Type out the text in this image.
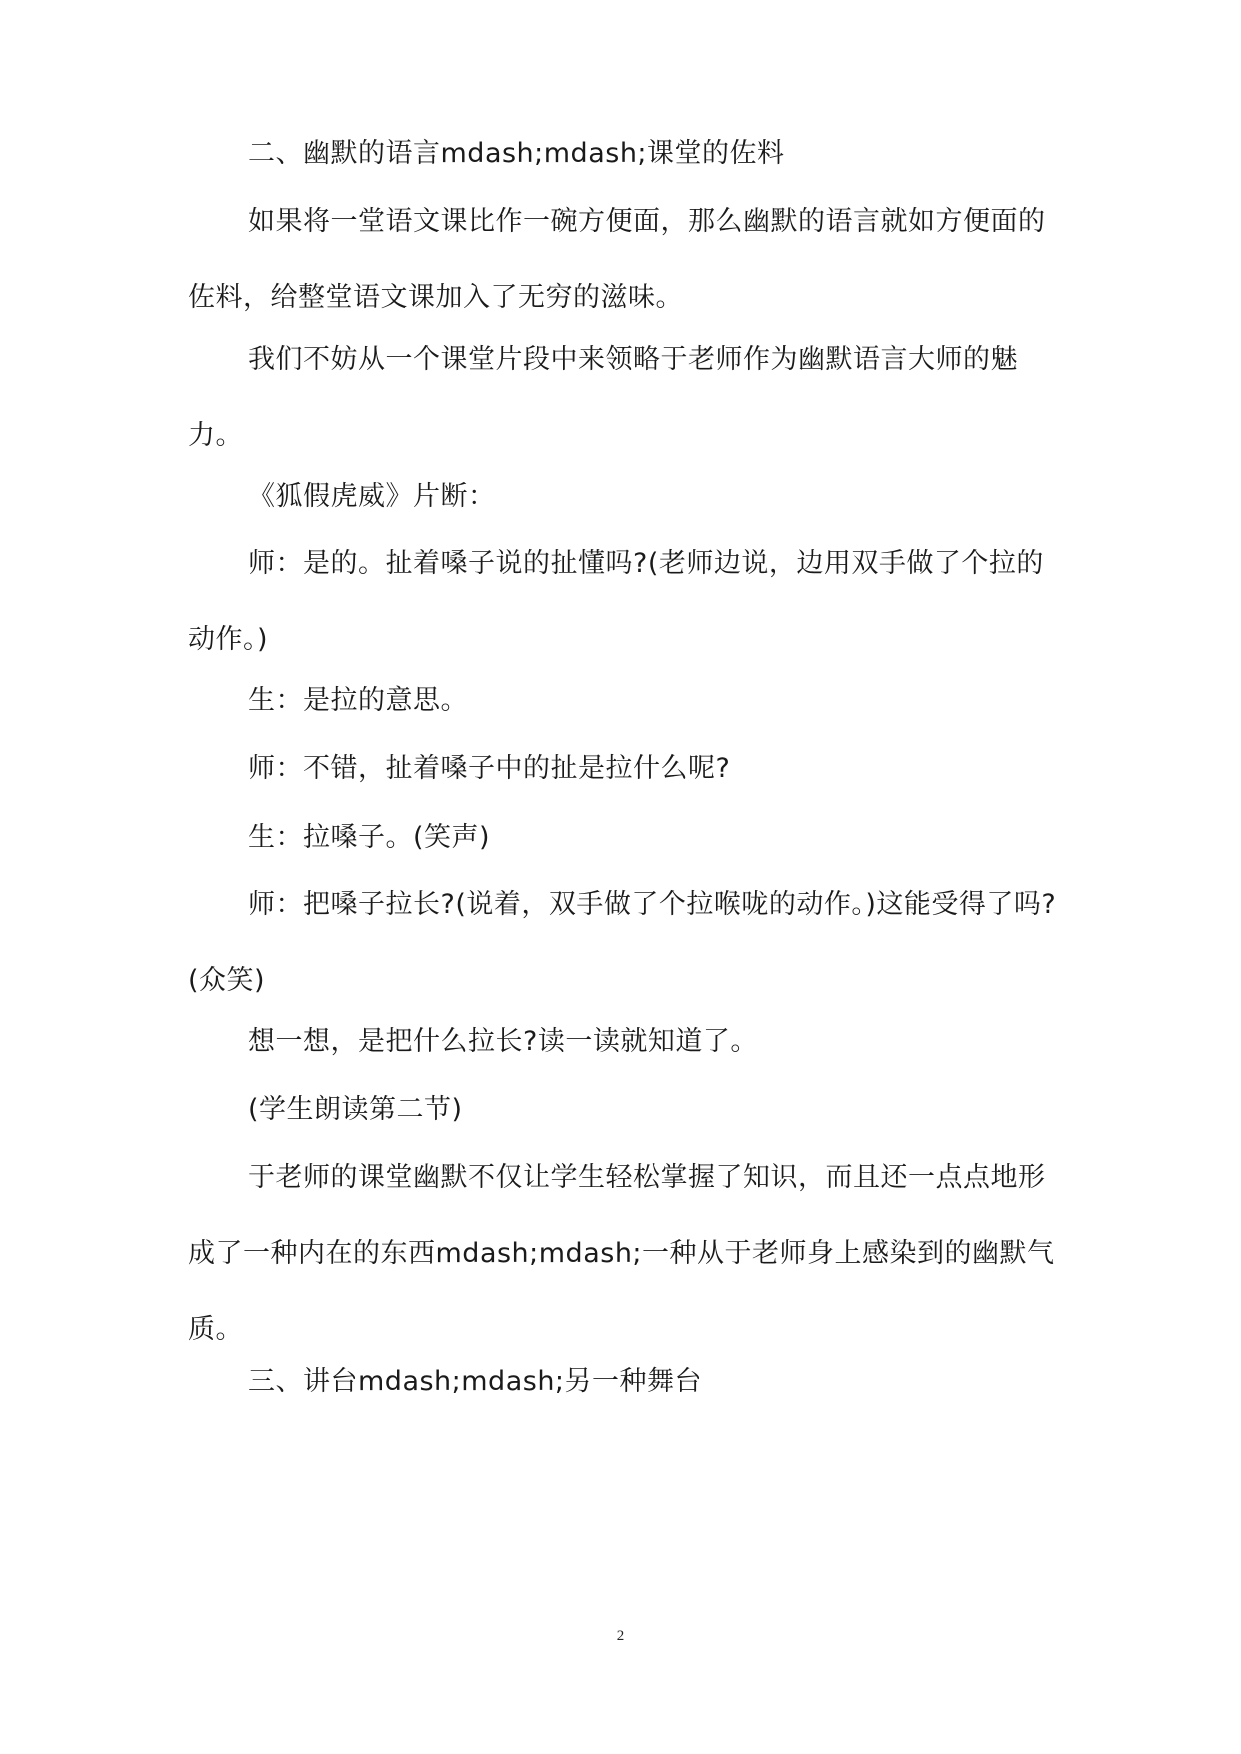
二、幽默的语言mdash;mdash;课堂的佐料

如果将一堂语文课比作一碗方便面，那么幽默的语言就如方便面的佐料，给整堂语文课加入了无穷的滋味。

我们不妨从一个课堂片段中来领略于老师作为幽默语言大师的魅力。

《狐假虎威》片断：

师：是的。扯着嗓子说的扯懂吗?(老师边说，边用双手做了个拉的动作。)

生：是拉的意思。

师：不错，扯着嗓子中的扯是拉什么呢?

生：拉嗓子。(笑声)

师：把嗓子拉长?(说着，双手做了个拉喉咙的动作。)这能受得了吗?(众笑)

想一想，是把什么拉长?读一读就知道了。

(学生朗读第二节)

于老师的课堂幽默不仅让学生轻松掌握了知识，而且还一点点地形成了一种内在的东西mdash;mdash;一种从于老师身上感染到的幽默气质。

三、讲台mdash;mdash;另一种舞台

2
